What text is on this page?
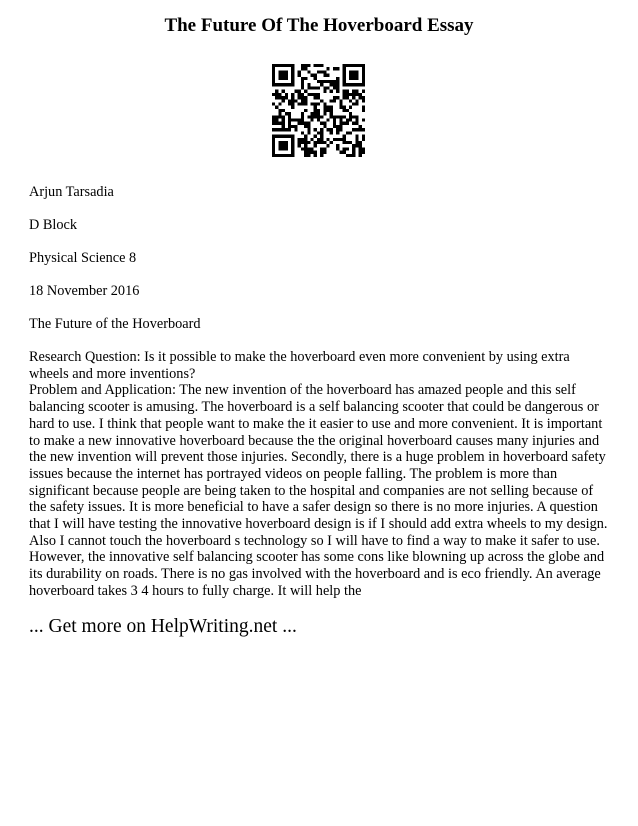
The Future Of The Hoverboard Essay
Arjun Tarsadia
D Block
Physical Science 8
18 November 2016
The Future of the Hoverboard

Research Question: Is it possible to make the hoverboard even more convenient by using extra wheels and more inventions?

Problem and Application: The new invention of the hoverboard has amazed people and this self balancing scooter is amusing. The hoverboard is a self balancing scooter that could be dangerous or hard to use. I think that people want to make the it easier to use and more convenient. It is important to make a new innovative hoverboard because the the original hoverboard causes many injuries and the new invention will prevent those injuries. Secondly, there is a huge problem in hoverboard safety issues because the internet has portrayed videos on people falling. The problem is more than significant because people are being taken to the hospital and companies are not selling because of the safety issues. It is more beneficial to have a safer design so there is no more injuries. A question that I will have testing the innovative hoverboard design is if I should add extra wheels to my design. Also I cannot touch the hoverboard s technology so I will have to find a way to make it safer to use. However, the innovative self balancing scooter has some cons like blowning up across the globe and its durability on roads. There is no gas involved with the hoverboard and is eco friendly. An average hoverboard takes 3 4 hours to fully charge. It will help the

... Get more on HelpWriting.net ...
